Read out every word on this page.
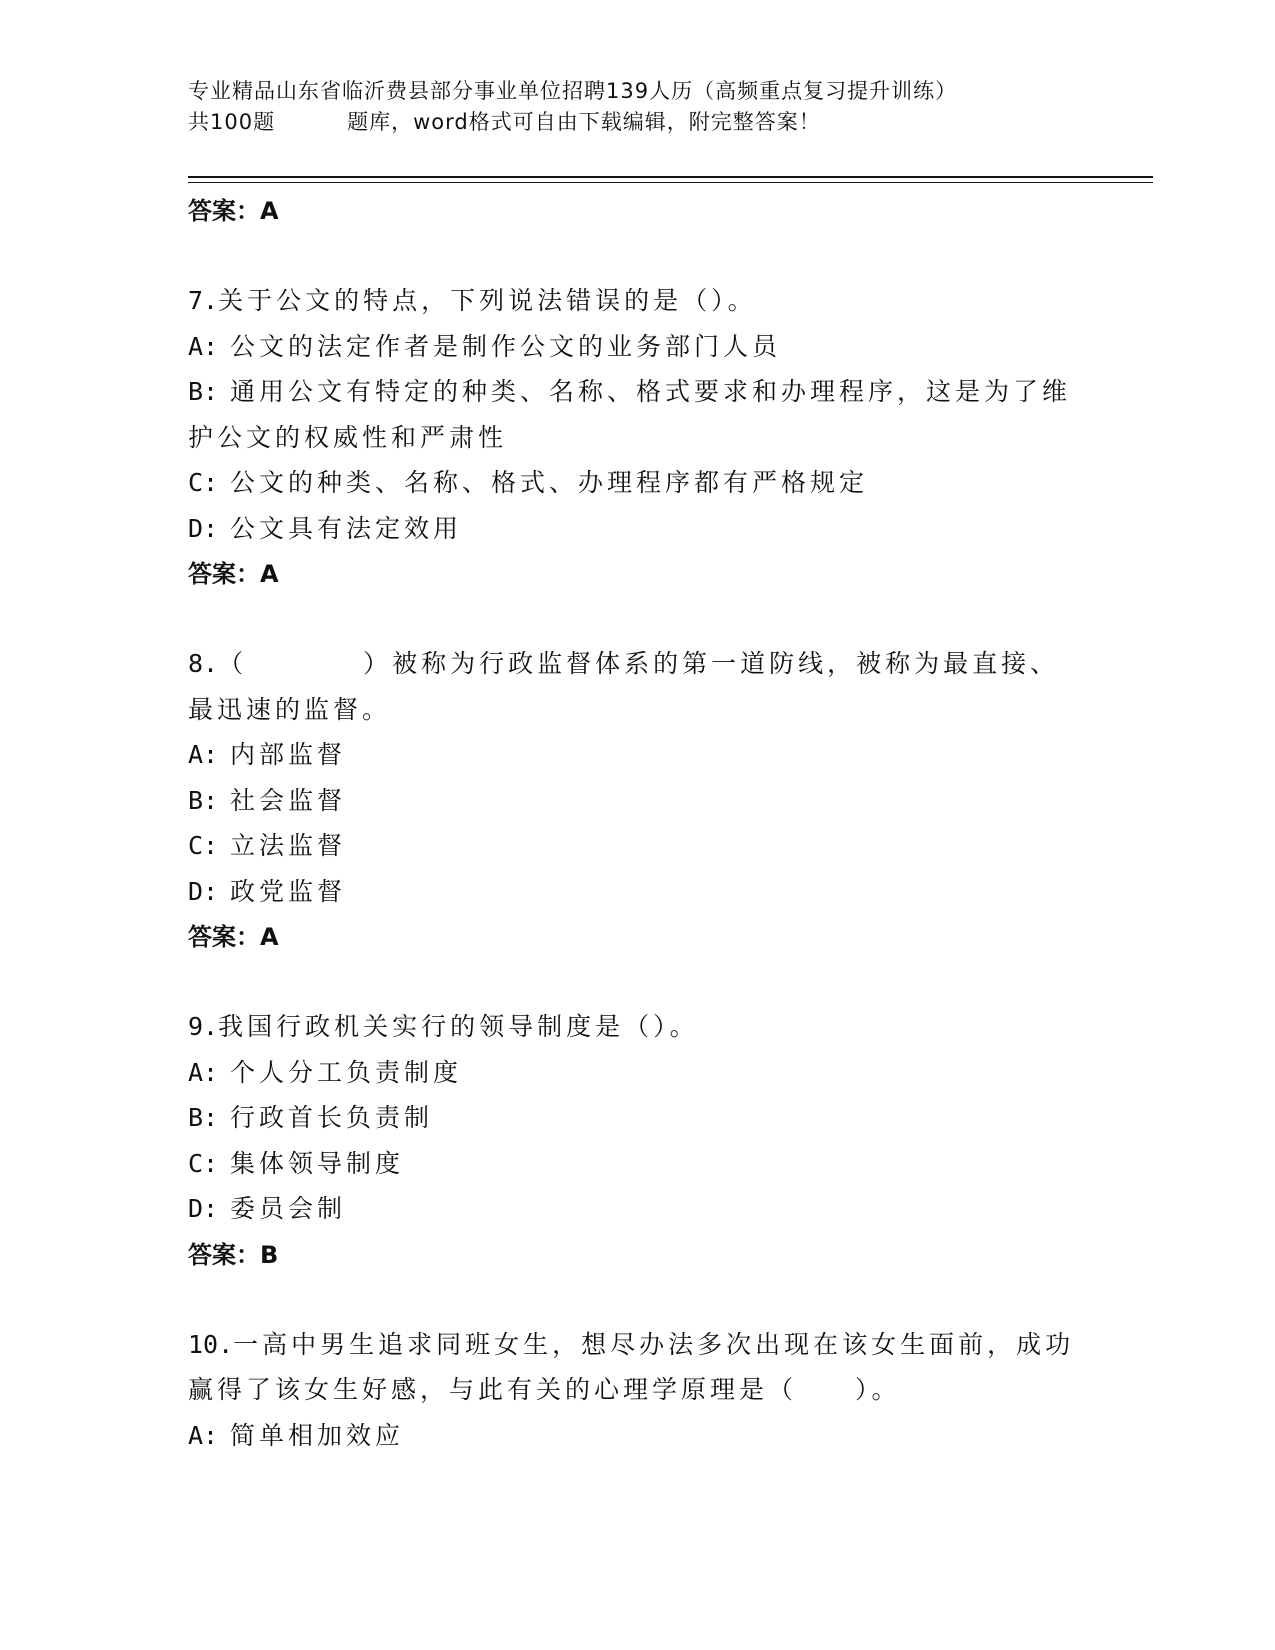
专业精品山东省临沂费县部分事业单位招聘139人历（高频重点复习提升训练）
共100题	题库，word格式可自由下载编辑，附完整答案！
答案：A
7.关于公文的特点，下列说法错误的是（）。
A: 公文的法定作者是制作公文的业务部门人员
B: 通用公文有特定的种类、名称、格式要求和办理程序，这是为了维
护公文的权威性和严肃性
C: 公文的种类、名称、格式、办理程序都有严格规定
D: 公文具有法定效用
答案：A
8.（　　　　）被称为行政监督体系的第一道防线，被称为最直接、
最迅速的监督。
A: 内部监督
B: 社会监督
C: 立法监督
D: 政党监督
答案：A
9.我国行政机关实行的领导制度是（）。
A: 个人分工负责制度
B: 行政首长负责制
C: 集体领导制度
D: 委员会制
答案：B
10.一高中男生追求同班女生，想尽办法多次出现在该女生面前，成功
赢得了该女生好感，与此有关的心理学原理是（　　）。
A: 简单相加效应
